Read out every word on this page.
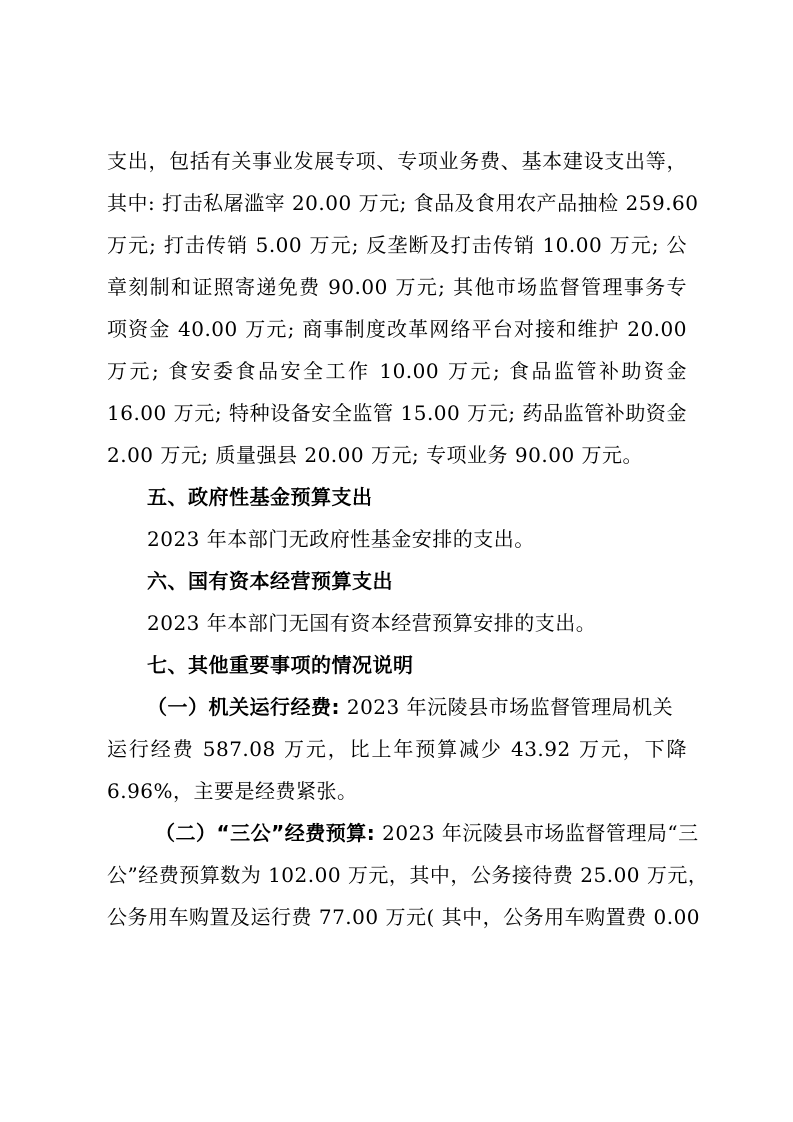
支出，包括有关事业发展专项、专项业务费、基本建设支出等，
其中: 打击私屠滥宰 20.00 万元; 食品及食用农产品抽检 259.60
万元; 打击传销 5.00 万元; 反垄断及打击传销 10.00 万元; 公
章刻制和证照寄递免费 90.00 万元; 其他市场监督管理事务专
项资金 40.00 万元; 商事制度改革网络平台对接和维护 20.00
万元; 食安委食品安全工作 10.00 万元; 食品监管补助资金
16.00 万元; 特种设备安全监管 15.00 万元; 药品监管补助资金
2.00 万元; 质量强县 20.00 万元; 专项业务 90.00 万元。
五、政府性基金预算支出
2023 年本部门无政府性基金安排的支出。
六、国有资本经营预算支出
2023 年本部门无国有资本经营预算安排的支出。
七、其他重要事项的情况说明
（一）机关运行经费: 2023 年沅陵县市场监督管理局机关
运行经费 587.08 万元，比上年预算减少 43.92 万元，下降
6.96%，主要是经费紧张。
（二）“三公”经费预算: 2023 年沅陵县市场监督管理局“三
公”经费预算数为 102.00 万元，其中，公务接待费 25.00 万元，
公务用车购置及运行费 77.00 万元( 其中，公务用车购置费 0.00
